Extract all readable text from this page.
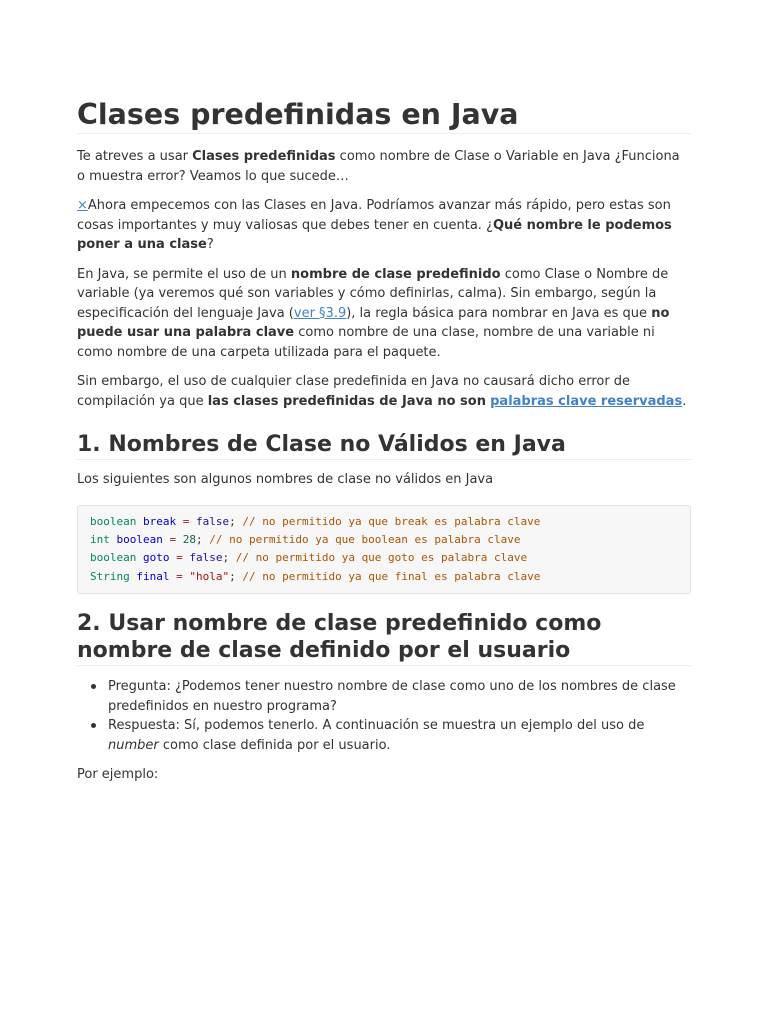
Clases predefinidas en Java

Te atreves a usar Clases predefinidas como nombre de Clase o Variable en Java ¿Funciona o muestra error? Veamos lo que sucede…

×Ahora empecemos con las Clases en Java. Podríamos avanzar más rápido, pero estas son cosas importantes y muy valiosas que debes tener en cuenta. ¿Qué nombre le podemos poner a una clase?

En Java, se permite el uso de un nombre de clase predefinido como Clase o Nombre de variable (ya veremos qué son variables y cómo definirlas, calma). Sin embargo, según la especificación del lenguaje Java (ver §3.9), la regla básica para nombrar en Java es que no puede usar una palabra clave como nombre de una clase, nombre de una variable ni como nombre de una carpeta utilizada para el paquete.

Sin embargo, el uso de cualquier clase predefinida en Java no causará dicho error de compilación ya que las clases predefinidas de Java no son palabras clave reservadas.

1. Nombres de Clase no Válidos en Java

Los siguientes son algunos nombres de clase no válidos en Java

boolean break = false; // no permitido ya que break es palabra clave
int boolean = 28; // no permitido ya que boolean es palabra clave
boolean goto = false; // no permitido ya que goto es palabra clave
String final = "hola"; // no permitido ya que final es palabra clave
2. Usar nombre de clase predefinido como nombre de clase definido por el usuario
Pregunta: ¿Podemos tener nuestro nombre de clase como uno de los nombres de clase predefinidos en nuestro programa?
Respuesta: Sí, podemos tenerlo. A continuación se muestra un ejemplo del uso de number como clase definida por el usuario.

Por ejemplo:
